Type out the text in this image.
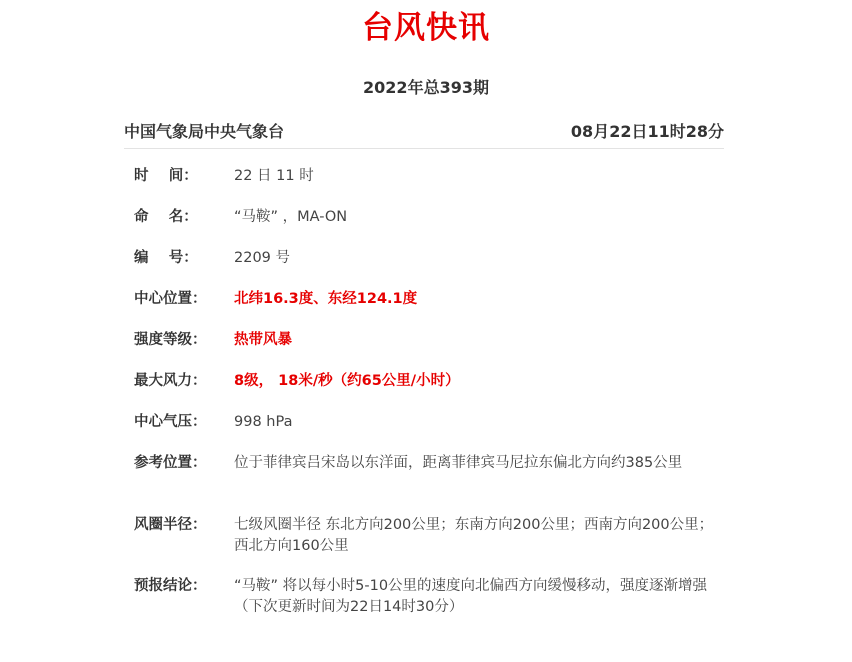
台风快讯
2022年总393期
中国气象局中央气象台	08月22日11时28分
时    间：	22 日 11 时
命    名：	“马鞍” ，MA-ON
编    号：	2209 号
中心位置：	北纬16.3度、东经124.1度
强度等级：	热带风暴
最大风力：	8级， 18米/秒（约65公里/小时）
中心气压：	998 hPa
参考位置：	位于菲律宾吕宋岛以东洋面，距离菲律宾马尼拉东偏北方向约385公里
风圈半径：	七级风圈半径 东北方向200公里；东南方向200公里；西南方向200公里；西北方向160公里
预报结论：	“马鞍” 将以每小时5-10公里的速度向北偏西方向缓慢移动，强度逐渐增强
（下次更新时间为22日14时30分）
